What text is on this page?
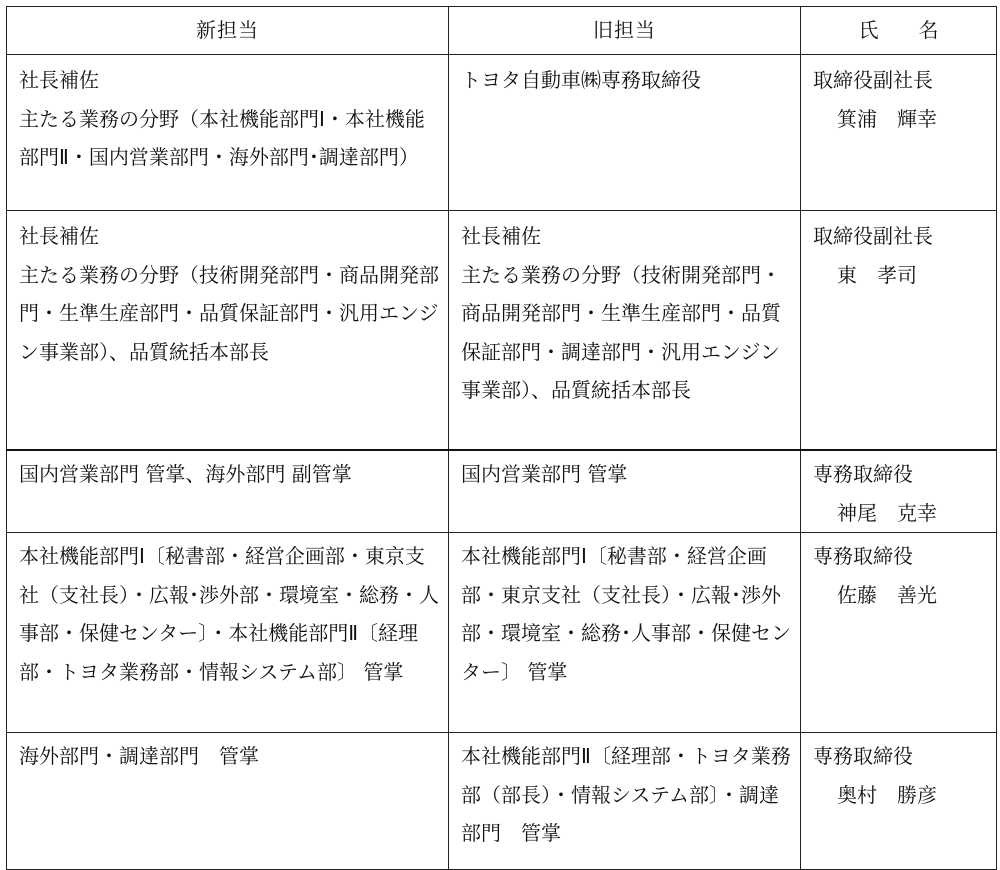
新担当	旧担当	氏　　名
社長補佐
主たる業務の分野（本社機能部門Ⅰ・本社機能部門Ⅱ・国内営業部門・海外部門･調達部門）	トヨタ自動車㈱専務取締役	取締役副社長
箕浦　輝幸

社長補佐
主たる業務の分野（技術開発部門・商品開発部門・生準生産部門・品質保証部門・汎用エンジン事業部）、品質統括本部長	社長補佐
主たる業務の分野（技術開発部門・商品開発部門・生準生産部門・品質保証部門・調達部門・汎用エンジン事業部）、品質統括本部長	取締役副社長
東　孝司

国内営業部門 管掌、海外部門 副管掌	国内営業部門 管掌	専務取締役
神尾　克幸

本社機能部門Ⅰ〔秘書部・経営企画部・東京支社（支社長）・広報･渉外部・環境室・総務・人事部・保健センター〕・本社機能部門Ⅱ〔経理部・トヨタ業務部・情報システム部〕 管掌	本社機能部門Ⅰ〔秘書部・経営企画部・東京支社（支社長）・広報･渉外部・環境室・総務･人事部・保健センター〕 管掌	専務取締役
佐藤　善光

海外部門・調達部門　管掌	本社機能部門Ⅱ〔経理部・トヨタ業務部（部長）・情報システム部〕・調達部門　管掌	専務取締役
奥村　勝彦
